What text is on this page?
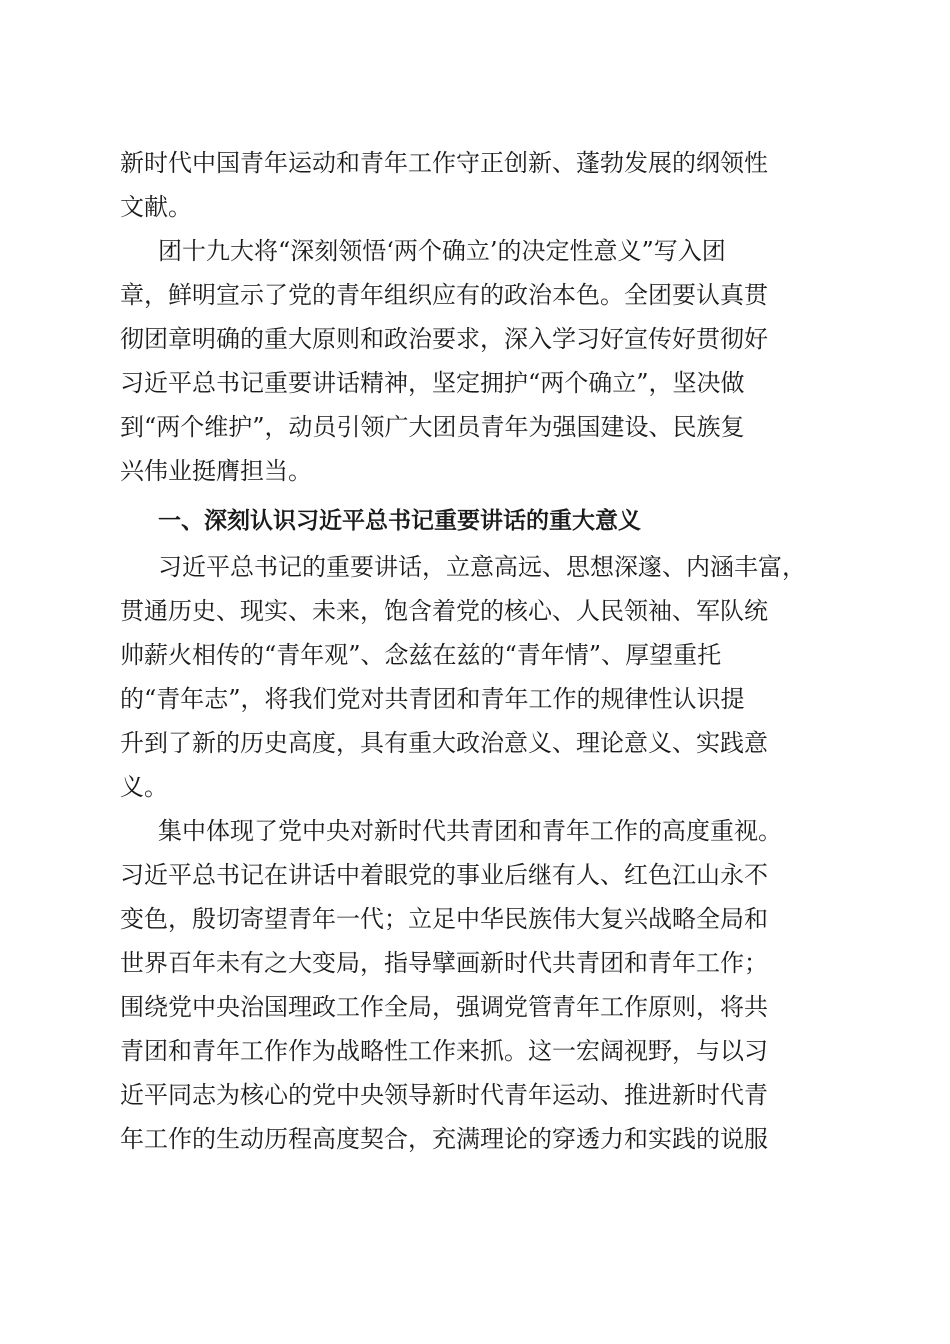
新时代中国青年运动和青年工作守正创新、蓬勃发展的纲领性
文献。
团十九大将“深刻领悟‘两个确立’的决定性意义”写入团
章，鲜明宣示了党的青年组织应有的政治本色。全团要认真贯
彻团章明确的重大原则和政治要求，深入学习好宣传好贯彻好
习近平总书记重要讲话精神，坚定拥护“两个确立”，坚决做
到“两个维护”，动员引领广大团员青年为强国建设、民族复
兴伟业挺膺担当。
一、深刻认识习近平总书记重要讲话的重大意义
习近平总书记的重要讲话，立意高远、思想深邃、内涵丰富，
贯通历史、现实、未来，饱含着党的核心、人民领袖、军队统
帅薪火相传的“青年观”、念兹在兹的“青年情”、厚望重托
的“青年志”，将我们党对共青团和青年工作的规律性认识提
升到了新的历史高度，具有重大政治意义、理论意义、实践意
义。
集中体现了党中央对新时代共青团和青年工作的高度重视。
习近平总书记在讲话中着眼党的事业后继有人、红色江山永不
变色，殷切寄望青年一代；立足中华民族伟大复兴战略全局和
世界百年未有之大变局，指导擘画新时代共青团和青年工作；
围绕党中央治国理政工作全局，强调党管青年工作原则，将共
青团和青年工作作为战略性工作来抓。这一宏阔视野，与以习
近平同志为核心的党中央领导新时代青年运动、推进新时代青
年工作的生动历程高度契合，充满理论的穿透力和实践的说服
